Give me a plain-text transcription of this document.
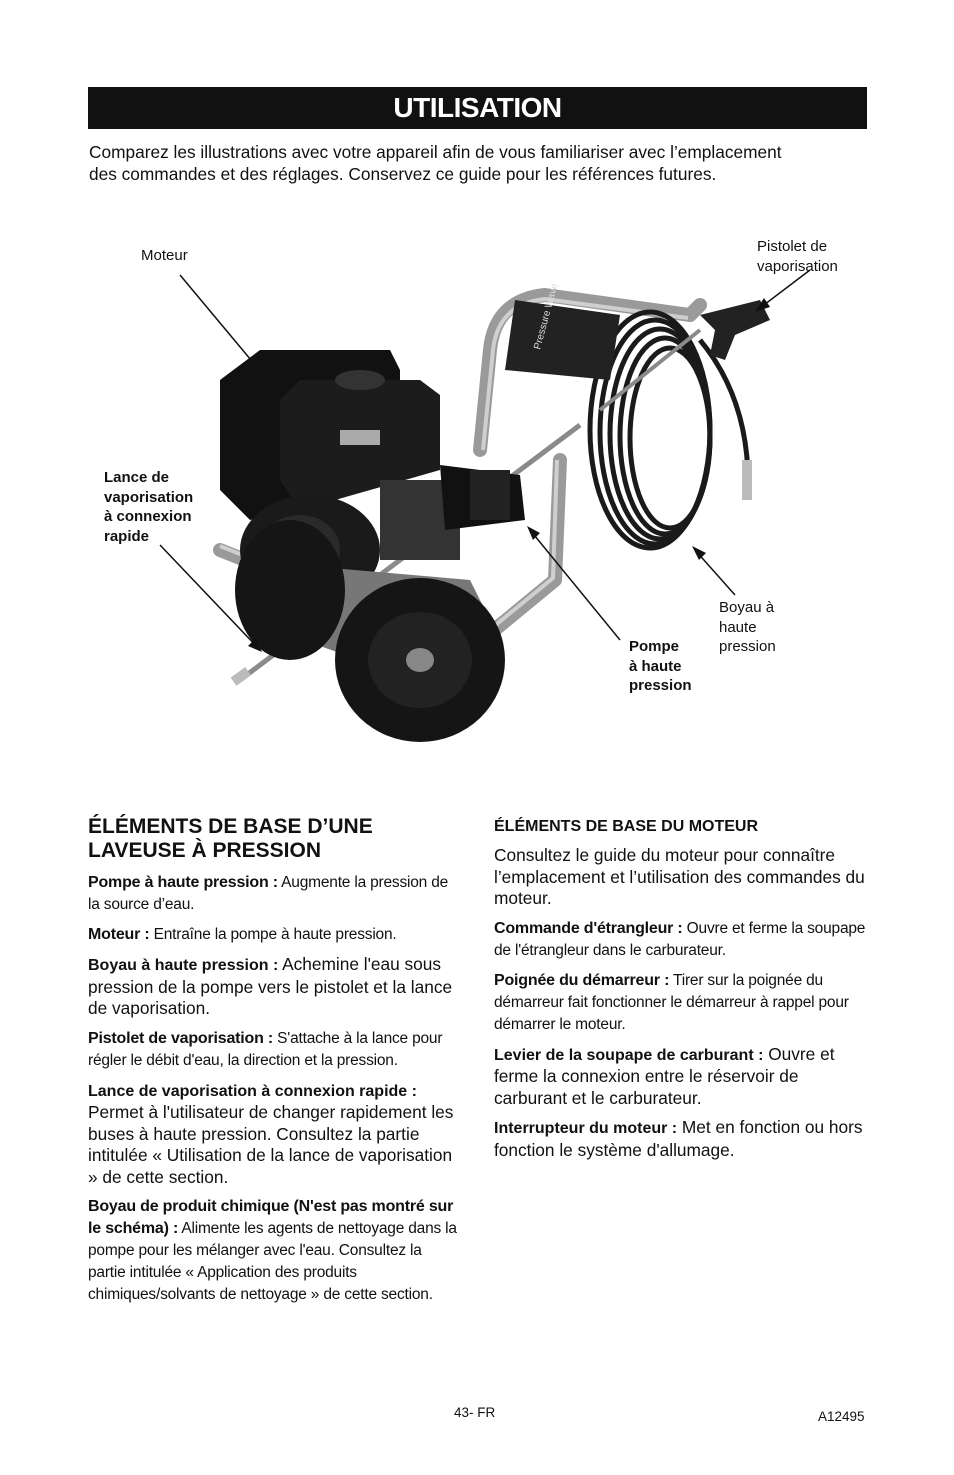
UTILISATION

Comparez les illustrations avec votre appareil afin de vous familiariser avec l’emplacement

des commandes et des réglages. Conservez ce guide pour les références futures.

Pressure Wave
Moteur
Pistolet de
vaporisation
Lance de
vaporisation
à connexion
rapide
Boyau à
haute
pression
Pompe
à haute
pression
ÉLÉMENTS DE BASE D’UNE
LAVEUSE À PRESSION

Pompe à haute pression : Augmente la pression de la source d’eau.

Moteur : Entraîne la pompe à haute pression.

Boyau à haute pression : Achemine l'eau sous pression de la pompe vers le pistolet et la lance de vaporisation.

Pistolet de vaporisation : S'attache à la lance pour régler le débit d'eau, la direction et la pression.

Lance de vaporisation à connexion rapide : Permet à l'utilisateur de changer rapidement les buses à haute pression. Consultez la partie intitulée « Utilisation de la lance de vaporisation » de cette section.

Boyau de produit chimique (N'est pas montré sur le schéma) : Alimente les agents de nettoyage dans la pompe pour les mélanger avec l'eau. Consultez la partie intitulée « Application des produits chimiques/solvants de nettoyage » de cette section.

ÉLÉMENTS DE BASE DU MOTEUR

Consultez le guide du moteur pour connaître l’emplacement et l’utilisation des commandes du moteur.

Commande d'étrangleur : Ouvre et ferme la soupape de l'étrangleur dans le carburateur.

Poignée du démarreur : Tirer sur la poignée du démarreur fait fonctionner le démarreur à rappel pour démarrer le moteur.

Levier de la soupape de carburant : Ouvre et ferme la connexion entre le réservoir de carburant et le carburateur.

Interrupteur du moteur : Met en fonction ou hors fonction le système d'allumage.

43- FR	A12495
